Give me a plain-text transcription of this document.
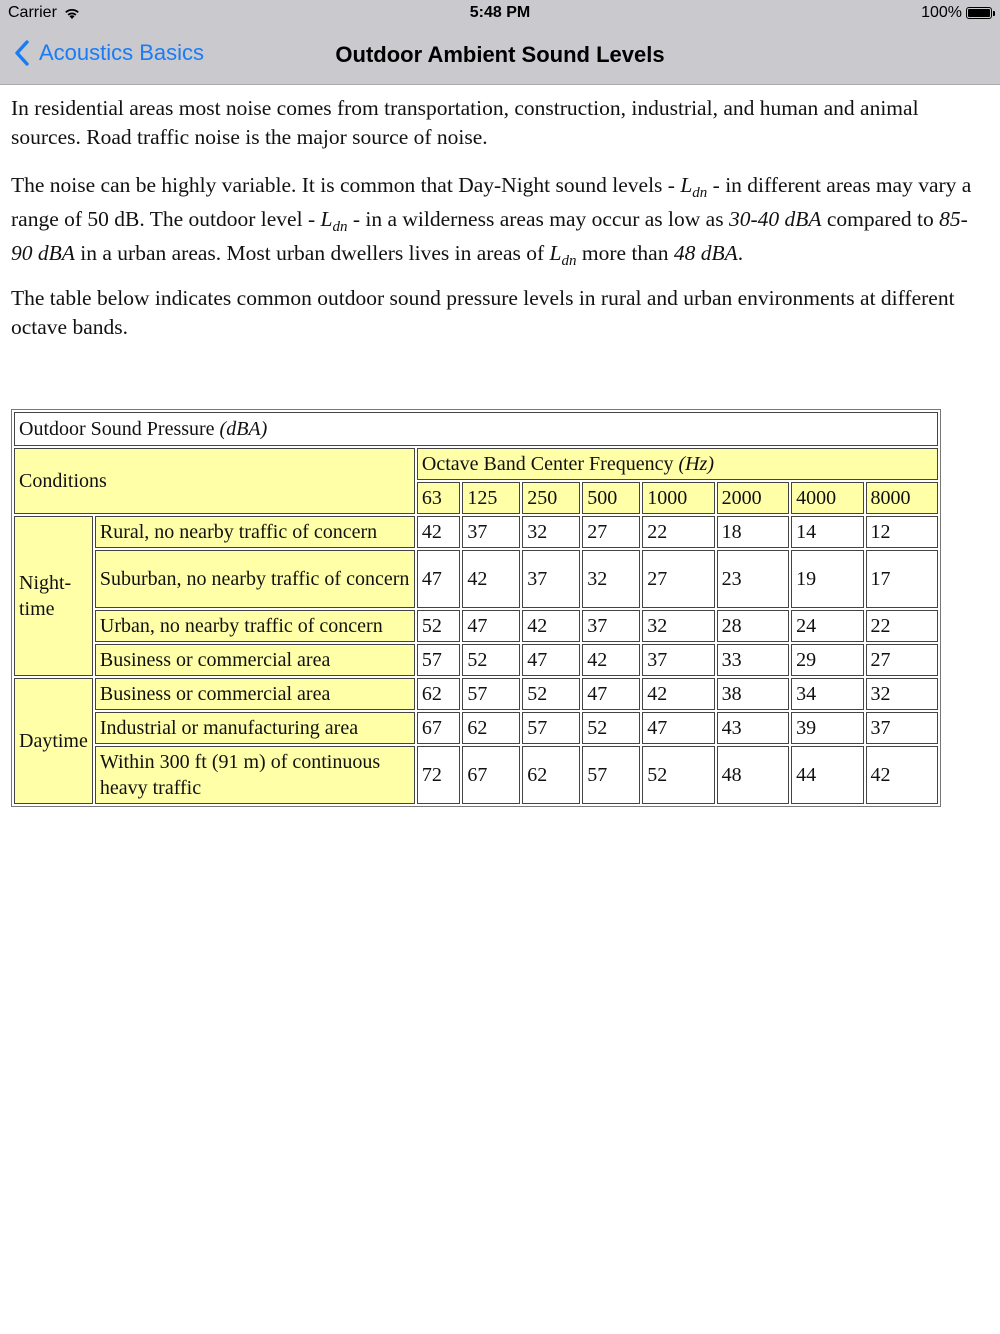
Carrier	5:48 PM	100%
Acoustics Basics	Outdoor Ambient Sound Levels

In residential areas most noise comes from transportation, construction, industrial, and human and animal sources. Road traffic noise is the major source of noise.

The noise can be highly variable. It is common that Day-Night sound levels - $L_{dn}$ - in different areas may vary a range of 50 dB. The outdoor level - $L_{dn}$ - in a wilderness areas may occur as low as 30-40 dBA compared to 85-90 dBA in a urban areas. Most urban dwellers lives in areas of $L_{dn}$ more than 48 dBA.

The table below indicates common outdoor sound pressure levels in rural and urban environments at different octave bands.

Outdoor Sound Pressure (dBA)									
Conditions		Octave Band Center Frequency (Hz)							
		63	125	250	500	1000	2000	4000	8000
Night-time	Rural, no nearby traffic of concern	42	37	32	27	22	18	14	12
	Suburban, no nearby traffic of concern	47	42	37	32	27	23	19	17
	Urban, no nearby traffic of concern	52	47	42	37	32	28	24	22
	Business or commercial area	57	52	47	42	37	33	29	27
Daytime	Business or commercial area	62	57	52	47	42	38	34	32
	Industrial or manufacturing area	67	62	57	52	47	43	39	37
	Within 300 ft (91 m) of continuous heavy traffic	72	67	62	57	52	48	44	42
